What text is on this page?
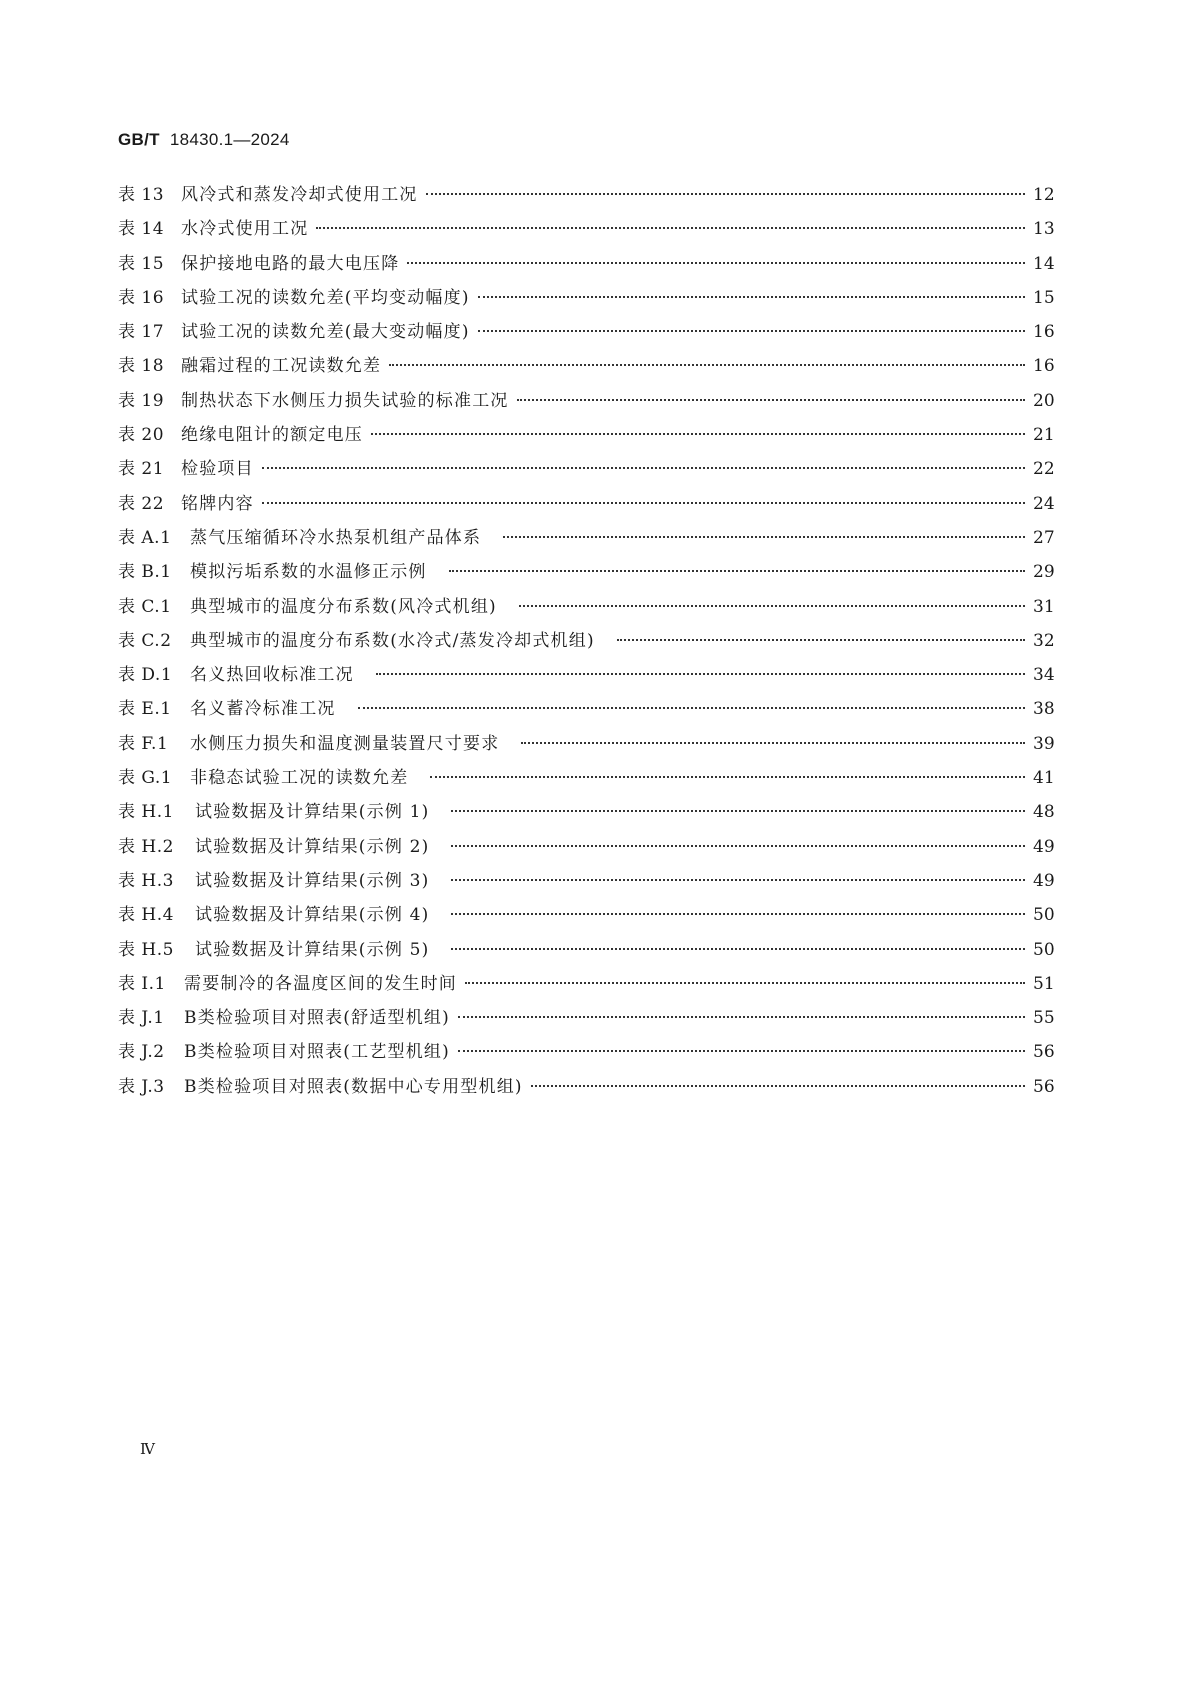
GB/T 18430.1—2024
表 13 风冷式和蒸发冷却式使用工况	12
表 14 水冷式使用工况	13
表 15 保护接地电路的最大电压降	14
表 16 试验工况的读数允差(平均变动幅度)	15
表 17 试验工况的读数允差(最大变动幅度)	16
表 18 融霜过程的工况读数允差	16
表 19 制热状态下水侧压力损失试验的标准工况	20
表 20 绝缘电阻计的额定电压	21
表 21 检验项目	22
表 22 铭牌内容	24
表 A.1	蒸气压缩循环冷水热泵机组产品体系	27
表 B.1	模拟污垢系数的水温修正示例	29
表 C.1	典型城市的温度分布系数(风冷式机组)	31
表 C.2	典型城市的温度分布系数(水冷式/蒸发冷却式机组)	32
表 D.1	名义热回收标准工况	34
表 E.1	名义蓄冷标准工况	38
表 F.1	水侧压力损失和温度测量装置尺寸要求	39
表 G.1	非稳态试验工况的读数允差	41
表 H.1	试验数据及计算结果(示例 1)	48
表 H.2	试验数据及计算结果(示例 2)	49
表 H.3	试验数据及计算结果(示例 3)	49
表 H.4	试验数据及计算结果(示例 4)	50
表 H.5	试验数据及计算结果(示例 5)	50
表 I.1	需要制冷的各温度区间的发生时间	51
表 J.1	B类检验项目对照表(舒适型机组)	55
表 J.2	B类检验项目对照表(工艺型机组)	56
表 J.3	B类检验项目对照表(数据中心专用型机组)	56
Ⅳ
